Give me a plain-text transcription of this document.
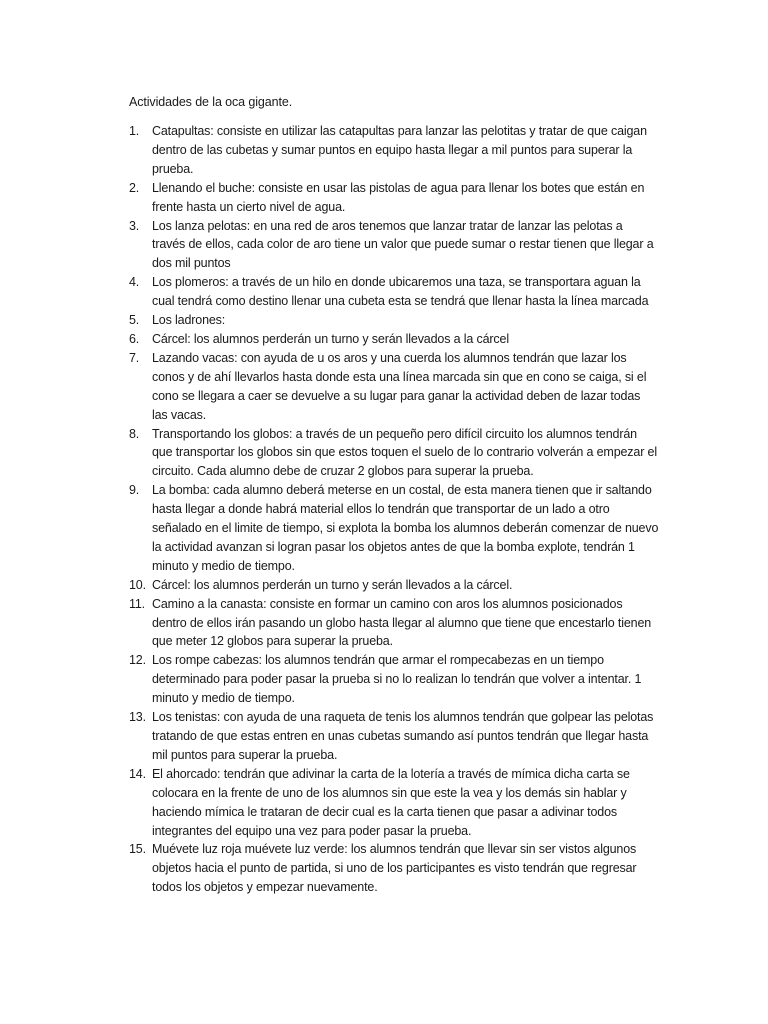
Actividades de la oca gigante.
1. Catapultas: consiste en utilizar las catapultas para lanzar las pelotitas y tratar de que caigan dentro de las cubetas y sumar puntos en equipo hasta llegar a mil puntos para superar la prueba.
2. Llenando el buche: consiste en usar las pistolas de agua para llenar los botes que están en frente hasta un cierto nivel de agua.
3. Los lanza pelotas: en una red de aros tenemos que lanzar tratar de lanzar las pelotas a través de ellos, cada color de aro tiene un valor que puede sumar o restar tienen que llegar a dos mil puntos
4. Los plomeros: a través de un hilo en donde ubicaremos una taza, se transportara aguan la cual tendrá como destino llenar una cubeta esta se tendrá que llenar hasta la línea marcada
5. Los ladrones:
6. Cárcel: los alumnos perderán un turno y serán llevados a la cárcel
7. Lazando vacas: con ayuda de u os aros y una cuerda los alumnos tendrán que lazar los conos y de ahí llevarlos hasta donde esta una línea marcada sin que en cono se caiga, si el cono se llegara a caer se devuelve a su lugar para ganar la actividad deben de lazar todas las vacas.
8. Transportando los globos: a través de un pequeño pero difícil circuito los alumnos tendrán que transportar los globos sin que estos toquen el suelo de lo contrario volverán a empezar el circuito. Cada alumno debe de cruzar 2 globos para superar la prueba.
9. La bomba: cada alumno deberá meterse en un costal, de esta manera tienen que ir saltando hasta llegar a donde habrá material ellos lo tendrán que transportar de un lado a otro señalado en el limite de tiempo, si explota la bomba los alumnos deberán comenzar de nuevo la actividad avanzan si logran pasar los objetos antes de que la bomba explote, tendrán 1 minuto y medio de tiempo.
10. Cárcel: los alumnos perderán un turno y serán llevados a la cárcel.
11. Camino a la canasta: consiste en formar un camino con aros los alumnos posicionados dentro de ellos irán pasando un globo hasta llegar al alumno que tiene que encestarlo tienen que meter 12 globos para superar la prueba.
12. Los rompe cabezas: los alumnos tendrán que armar el rompecabezas en un tiempo determinado para poder pasar la prueba si no lo realizan lo tendrán que volver a intentar. 1 minuto y medio de tiempo.
13. Los tenistas: con ayuda de una raqueta de tenis los alumnos tendrán que golpear las pelotas tratando de que estas entren en unas cubetas sumando así puntos tendrán que llegar hasta mil puntos para superar la prueba.
14. El ahorcado: tendrán que adivinar la carta de la lotería a través de mímica dicha carta se colocara en la frente de uno de los alumnos sin que este la vea y los demás sin hablar y haciendo mímica le trataran de decir cual es la carta tienen que pasar a adivinar todos integrantes del equipo una vez para poder pasar la prueba.
15. Muévete luz roja muévete luz verde: los alumnos tendrán que llevar sin ser vistos algunos objetos hacia el punto de partida, si uno de los participantes es visto tendrán que regresar todos los objetos y empezar nuevamente.
